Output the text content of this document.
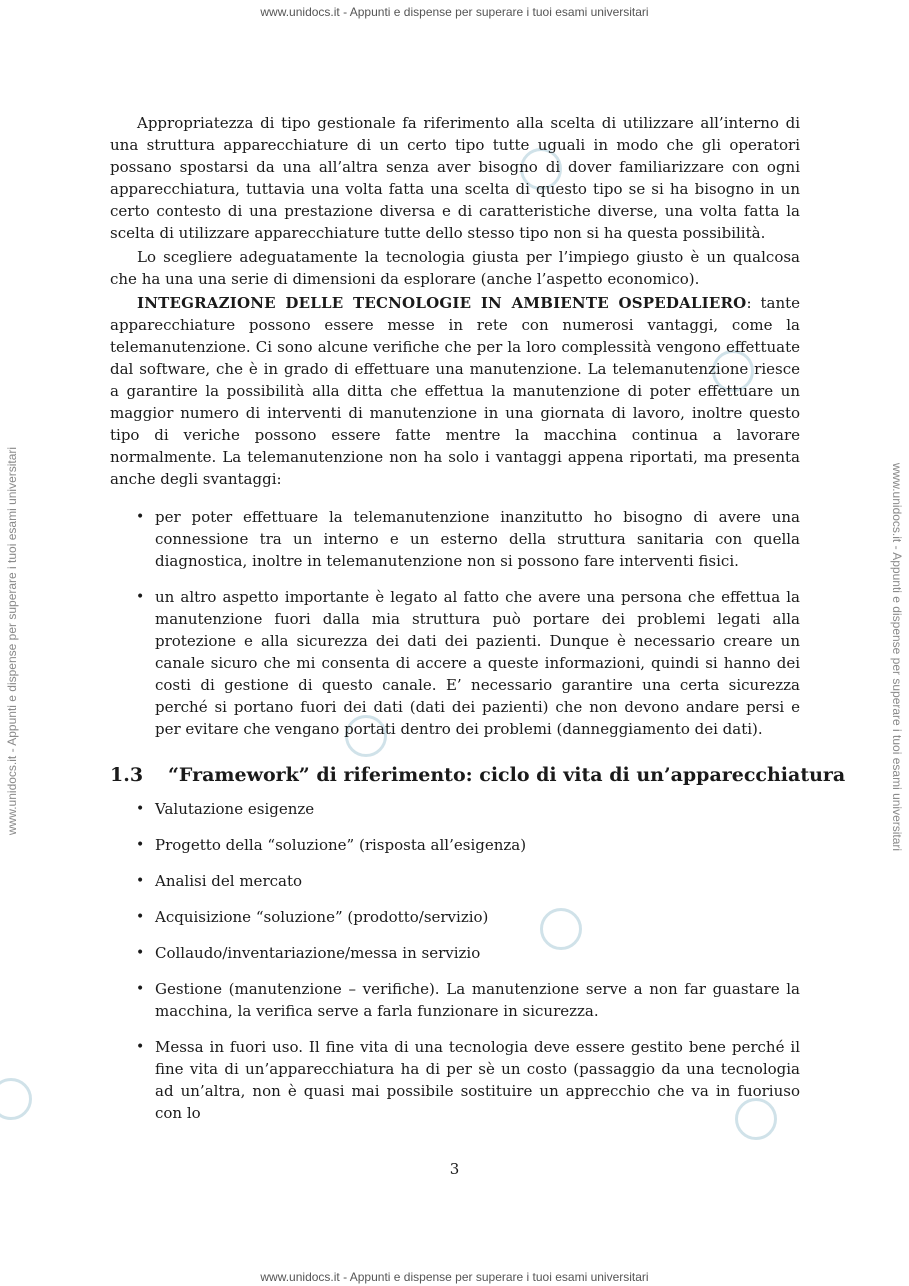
www.unidocs.it - Appunti e dispense per superare i tuoi esami universitari
www.unidocs.it - Appunti e dispense per superare i tuoi esami universitari	www.unidocs.it - Appunti e dispense per superare i tuoi esami universitari

Appropriatezza di tipo gestionale fa riferimento alla scelta di utilizzare all’interno di una struttura apparecchiature di un certo tipo tutte uguali in modo che gli operatori possano spostarsi da una all’altra senza aver bisogno di dover familiarizzare con ogni apparecchiatura, tuttavia una volta fatta una scelta di questo tipo se si ha bisogno in un certo contesto di una prestazione diversa e di caratteristiche diverse, una volta fatta la scelta di utilizzare apparecchiature tutte dello stesso tipo non si ha questa possibilità.

Lo scegliere adeguatamente la tecnologia giusta per l’impiego giusto è un qualcosa che ha una una serie di dimensioni da esplorare (anche l’aspetto economico).

INTEGRAZIONE DELLE TECNOLOGIE IN AMBIENTE OSPEDALIERO: tante apparecchiature possono essere messe in rete con numerosi vantaggi, come la telemanutenzione. Ci sono alcune verifiche che per la loro complessità vengono effettuate dal software, che è in grado di effettuare una manutenzione. La telemanutenzione riesce a garantire la possibilità alla ditta che effettua la manutenzione di poter effettuare un maggior numero di interventi di manutenzione in una giornata di lavoro, inoltre questo tipo di veriche possono essere fatte mentre la macchina continua a lavorare normalmente. La telemanutenzione non ha solo i vantaggi appena riportati, ma presenta anche degli svantaggi:

• per poter effettuare la telemanutenzione inanzitutto ho bisogno di avere una connessione tra un interno e un esterno della struttura sanitaria con quella diagnostica, inoltre in telemanutenzione non si possono fare interventi fisici.
• un altro aspetto importante è legato al fatto che avere una persona che effettua la manutenzione fuori dalla mia struttura può portare dei problemi legati alla protezione e alla sicurezza dei dati dei pazienti. Dunque è necessario creare un canale sicuro che mi consenta di accere a queste informazioni, quindi si hanno dei costi di gestione di questo canale. E’ necessario garantire una certa sicurezza perché si portano fuori dei dati (dati dei pazienti) che non devono andare persi e per evitare che vengano portati dentro dei problemi (danneggiamento dei dati).
1.3 “Framework” di riferimento: ciclo di vita di un’apparecchiatura
• Valutazione esigenze
• Progetto della “soluzione” (risposta all’esigenza)
• Analisi del mercato
• Acquisizione “soluzione” (prodotto/servizio)
• Collaudo/inventariazione/messa in servizio
• Gestione (manutenzione – verifiche). La manutenzione serve a non far guastare la macchina, la verifica serve a farla funzionare in sicurezza.
• Messa in fuori uso. Il fine vita di una tecnologia deve essere gestito bene perché il fine vita di un’apparecchiatura ha di per sè un costo (passaggio da una tecnologia ad un’altra, non è quasi mai possibile sostituire un apprecchio che va in fuoriuso con lo
3
www.unidocs.it - Appunti e dispense per superare i tuoi esami universitari
